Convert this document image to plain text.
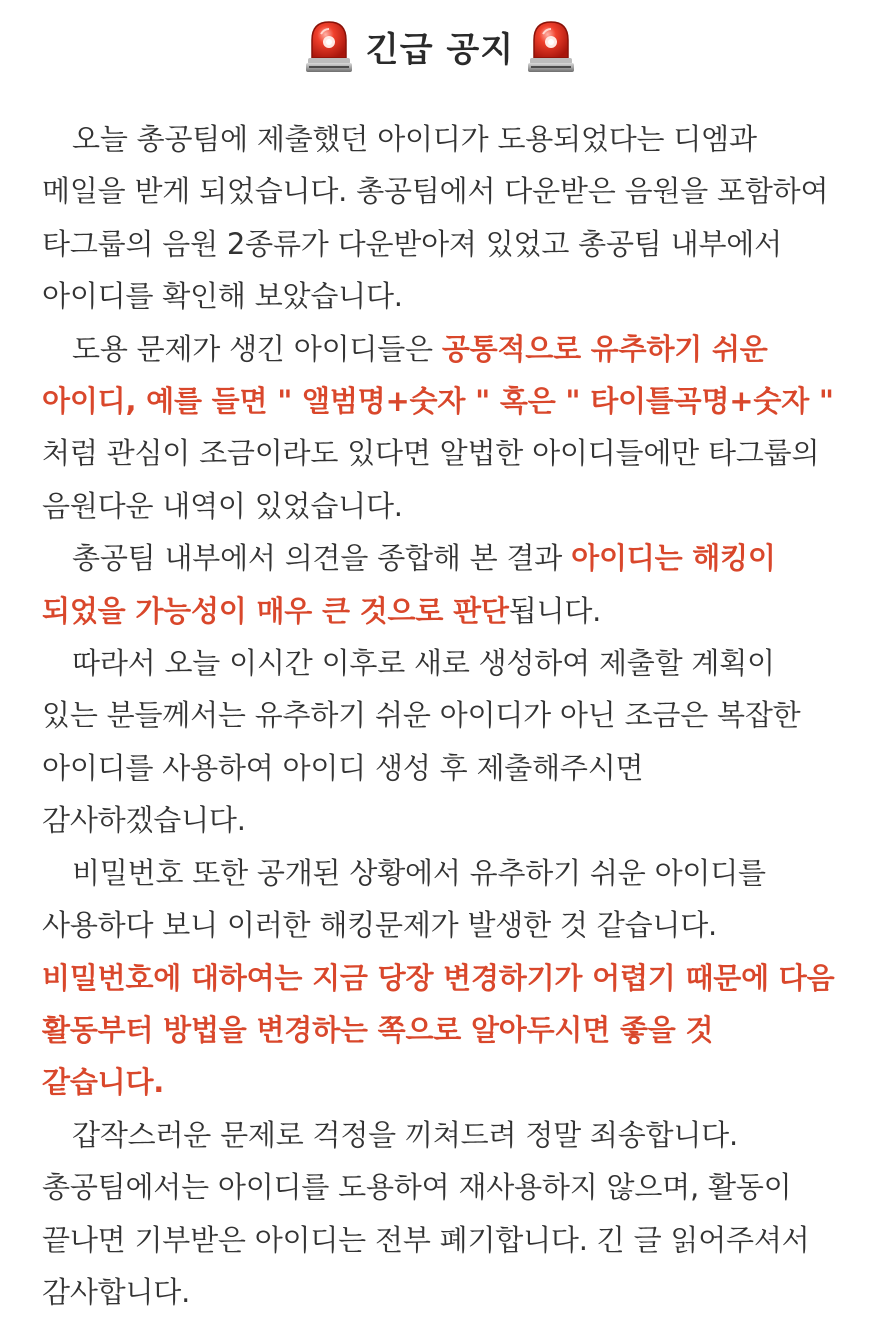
긴급 공지

오늘 총공팀에 제출했던 아이디가 도용되었다는 디엠과 메일을 받게 되었습니다. 총공팀에서 다운받은 음원을 포함하여 타그룹의 음원 2종류가 다운받아져 있었고 총공팀 내부에서 아이디를 확인해 보았습니다.

도용 문제가 생긴 아이디들은 공통적으로 유추하기 쉬운 아이디, 예를 들면 " 앨범명+숫자 " 혹은 " 타이틀곡명+숫자 " 처럼 관심이 조금이라도 있다면 알법한 아이디들에만 타그룹의 음원다운 내역이 있었습니다.

총공팀 내부에서 의견을 종합해 본 결과 아이디는 해킹이 되었을 가능성이 매우 큰 것으로 판단됩니다.

따라서 오늘 이시간 이후로 새로 생성하여 제출할 계획이 있는 분들께서는 유추하기 쉬운 아이디가 아닌 조금은 복잡한 아이디를 사용하여 아이디 생성 후 제출해주시면 감사하겠습니다.

비밀번호 또한 공개된 상황에서 유추하기 쉬운 아이디를 사용하다 보니 이러한 해킹문제가 발생한 것 같습니다. 비밀번호에 대하여는 지금 당장 변경하기가 어렵기 때문에 다음 활동부터 방법을 변경하는 쪽으로 알아두시면 좋을 것 같습니다.

갑작스러운 문제로 걱정을 끼쳐드려 정말 죄송합니다. 총공팀에서는 아이디를 도용하여 재사용하지 않으며, 활동이 끝나면 기부받은 아이디는 전부 폐기합니다. 긴 글 읽어주셔서 감사합니다.
